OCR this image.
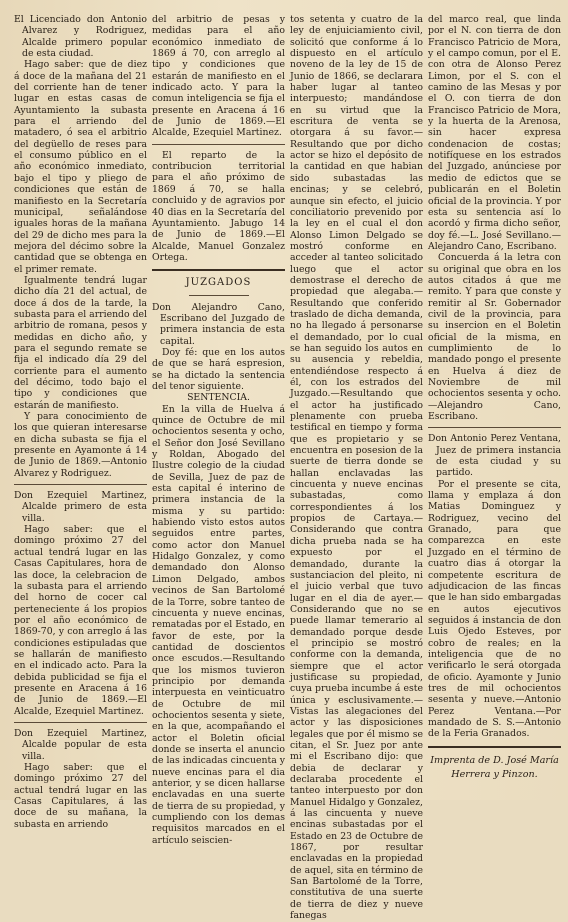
El Licenciado don Antonio Alvarez y Rodriguez, Alcalde primero popular de esta ciudad.

Hago saber: que de diez á doce de la mañana del 21 del corriente han de tener lugar en estas casas de Ayuntamiento la subasta para el arriendo del matadero, ó sea el arbitrio del degüello de reses para el consumo público en el año económico inmediato, bajo el tipo y pliego de condiciones que están de manifiesto en la Secretaría municipal, señalándose iguales horas de la mañana del 29 de dicho mes para la mejora del décimo sobre la cantidad que se obtenga en el primer remate.

Igualmente tendrá lugar dicho día 21 del actual, de doce á dos de la tarde, la subasta para el arriendo del arbitrio de romana, pesos y medidas en dicho año, y para el segundo remate se fija el indicado día 29 del corriente para el aumento del décimo, todo bajo el tipo y condiciones que estarán de manifiesto.

Y para conocimiento de los que quieran interesarse en dicha subasta se fija el presente en Ayamonte á 14 de Junio de 1869.—Antonio Alvarez y Rodriguez.

Don Ezequiel Martinez, Alcalde primero de esta villa.

Hago saber: que el domingo próximo 27 del actual tendrá lugar en las Casas Capitulares, hora de las doce, la celebracion de la subasta para el arriendo del horno de cocer cal perteneciente á los propios por el año económico de 1869-70, y con arreglo á las condiciones estipuladas que se hallarán de manifiesto en el indicado acto. Para la debida publicidad se fija el presente en Aracena á 16 de Junio de 1869.—El Alcalde, Ezequiel Martinez.

Don Ezequiel Martinez, Alcalde popular de esta villa.

Hago saber: que el domingo próximo 27 del actual tendrá lugar en las Casas Capitulares, á las doce de su mañana, la subasta en arriendo

del arbitrio de pesas y medidas para el año económico inmediato de 1869 á 70, con arreglo al tipo y condiciones que estarán de manifiesto en el indicado acto. Y para la comun inteligencia se fija el presente en Aracena á 16 de Junio de 1869.—El Alcalde, Ezequiel Martinez.

El reparto de la contribucion territorial para el año próximo de 1869 á 70, se halla concluido y de agravios por 40 dias en la Secretaría del Ayuntamiento. Jabugo 14 de Junio de 1869.—El Alcalde, Manuel Gonzalez Ortega.

JUZGADOS

Don Alejandro Cano, Escribano del Juzgado de primera instancia de esta capital.

Doy fé: que en los autos de que se hará espresion, se ha dictado la sentencia del tenor siguiente.

SENTENCIA.

En la villa de Huelva á quince de Octubre de mil ochocientos sesenta y ocho, el Señor don José Sevillano y Roldan, Abogado del Ilustre colegio de la ciudad de Sevilla, Juez de paz de esta capital é interino de primera instancia de la misma y su partido: habiendo visto estos autos seguidos entre partes, como actor don Manuel Hidalgo Gonzalez, y como demandado don Alonso Limon Delgado, ambos vecinos de San Bartolomé de la Torre, sobre tanteo de cincuenta y nueve encinas, rematadas por el Estado, en favor de este, por la cantidad de doscientos once escudos.—Resultando que los mismos tuvieron principio por demanda interpuesta en veinticuatro de Octubre de mil ochocientos sesenta y siete, en la que, acompañando el actor el Boletin oficial donde se inserta el anuncio de las indicadas cincuenta y nueve encinas para el dia anterior, y se dicen hallarse enclavadas en una suerte de tierra de su propiedad, y cumpliendo con los demas requisitos marcados en el artículo seiscien-

tos setenta y cuatro de la ley de enjuiciamiento civil, solicitó que conforme á lo dispuesto en el artículo noveno de la ley de 15 de Junio de 1866, se declarara haber lugar al tanteo interpuesto; mandándose en su virtud que la escritura de venta se otorgara á su favor.—Resultando que por dicho actor se hizo el depósito de la cantidad en que habian sido subastadas las encinas; y se celebró, aunque sin efecto, el juicio conciliatorio prevenido por la ley en el cual el don Alonso Limon Delgado se mostró conforme en acceder al tanteo solicitado luego que el actor demostrase el derecho de propiedad que alegaba.—Resultando que conferido traslado de dicha demanda, no ha llegado á personarse el demandado, por lo cual se han seguido los autos en su ausencia y rebeldia, entendiéndose respecto á él, con los estrados del Juzgado.—Resultando que el actor ha justificado plenamente con prueba testifical en tiempo y forma que es propietario y se encuentra en posesion de la suerte de tierra donde se hallan enclavadas las cincuenta y nueve encinas subastadas, como correspondientes á los propios de Cartaya.—Considerando que contra dicha prueba nada se ha expuesto por el demandado, durante la sustanciacion del pleito, ni el juicio verbal que tuvo lugar en el dia de ayer.—Considerando que no se puede llamar temerario al demandado porque desde el principio se mostró conforme con la demanda, siempre que el actor justificase su propiedad, cuya prueba incumbe á este única y esclusivamente.—Vistas las alegaciones del actor y las disposiciones legales que por él mismo se citan, el Sr. Juez por ante mi el Escribano dijo: que debia de declarar y declaraba procedente el tanteo interpuesto por don Manuel Hidalgo y Gonzalez, á las cincuenta y nueve encinas subastadas por el Estado en 23 de Octubre de 1867, por resultar enclavadas en la propiedad de aquel, sita en término de San Bartolomé de la Torre, constitutiva de una suerte de tierra de diez y nueve fanegas

del marco real, que linda por el N. con tierra de don Francisco Patricio de Mora, y el campo comun, por el E. con otra de Alonso Perez Limon, por el S. con el camino de las Mesas y por el O. con tierra de don Francisco Patricio de Mora, y la huerta de la Arenosa, sin hacer expresa condenacion de costas; notifíquese en los estrados del Juzgado, anúnciese por medio de edictos que se publicarán en el Boletin oficial de la provincia. Y por esta su sentencia así lo acordó y firma dicho señor, doy fé.—L. José Sevillano.—Alejandro Cano, Escribano.

Concuerda á la letra con su original que obra en los autos citados á que me remito. Y para que conste y remitir al Sr. Gobernador civil de la provincia, para su insercion en el Boletin oficial de la misma, en cumplimiento de lo mandado pongo el presente en Huelva á diez de Noviembre de mil ochocientos sesenta y ocho.—Alejandro Cano, Escribano.

Don Antonio Perez Ventana, Juez de primera instancia de esta ciudad y su partido.

Por el presente se cita, llama y emplaza á don Matias Dominguez y Rodriguez, vecino del Granado, para que comparezca en este Juzgado en el término de cuatro dias á otorgar la competente escritura de adjudicacion de las fincas que le han sido embargadas en autos ejecutivos seguidos á instancia de don Luis Ojedo Esteves, por cobro de reales; en la inteligencia que de no verificarlo le será otorgada de oficio. Ayamonte y Junio tres de mil ochocientos sesenta y nueve.—Antonio Perez Ventana.—Por mandado de S. S.—Antonio de la Feria Granados.

Imprenta de D. José María
Herrera y Pinzon.
